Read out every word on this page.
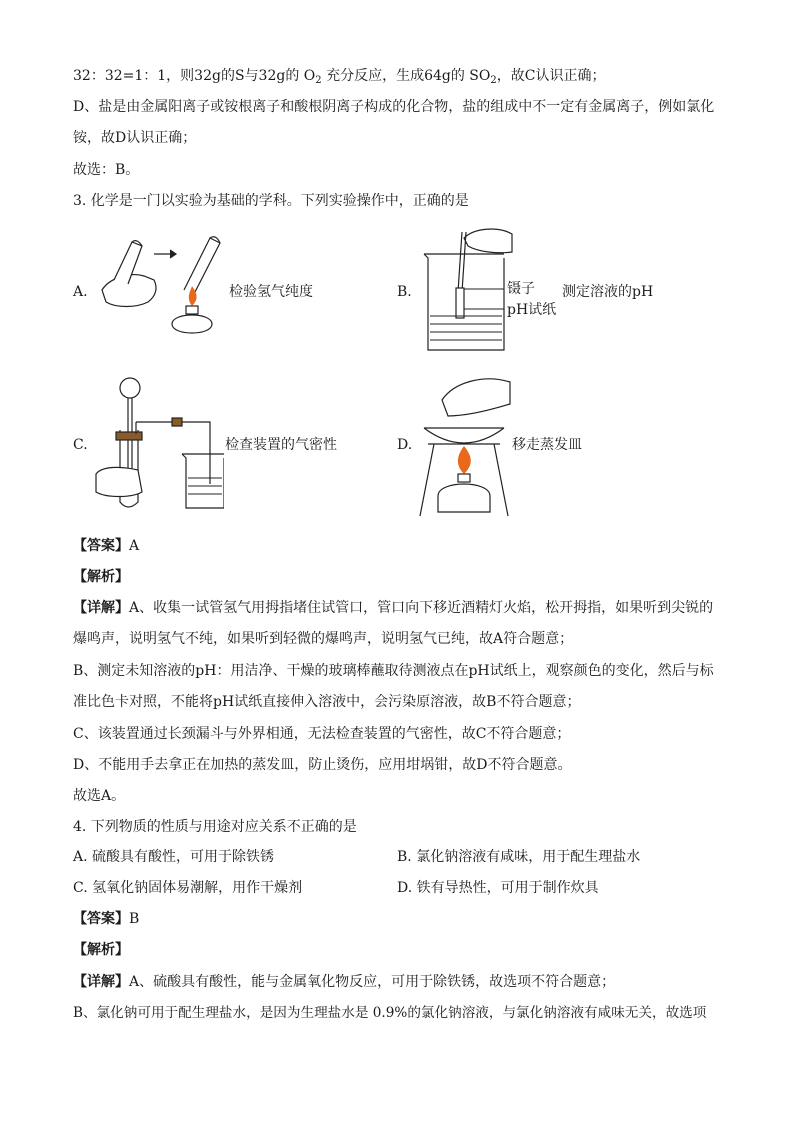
32：32=1：1，则32g的S与32g的 $O_2$ 充分反应，生成64g的 $SO_2$，故C认识正确；
D、盐是由金属阳离子或铵根离子和酸根阴离子构成的化合物，盐的组成中不一定有金属离子，例如氯化
铵，故D认识正确；
故选：B。
3. 化学是一门以实验为基础的学科。下列实验操作中，正确的是
A.	检验氢气纯度	B.	镊子
pH试纸
测定溶液的pH
C.	检查装置的气密性	D.	移走蒸发皿
【答案】A
【解析】
【详解】A、收集一试管氢气用拇指堵住试管口，管口向下移近酒精灯火焰，松开拇指，如果听到尖锐的
爆鸣声，说明氢气不纯，如果听到轻微的爆鸣声，说明氢气已纯，故A符合题意；
B、测定未知溶液的pH：用洁净、干燥的玻璃棒蘸取待测液点在pH试纸上，观察颜色的变化，然后与标
准比色卡对照，不能将pH试纸直接伸入溶液中，会污染原溶液，故B不符合题意；
C、该装置通过长颈漏斗与外界相通，无法检查装置的气密性，故C不符合题意；
D、不能用手去拿正在加热的蒸发皿，防止烫伤，应用坩埚钳，故D不符合题意。
故选A。
4. 下列物质的性质与用途对应关系不正确的是
A. 硫酸具有酸性，可用于除铁锈	B. 氯化钠溶液有咸味，用于配生理盐水
C. 氢氧化钠固体易潮解，用作干燥剂	D. 铁有导热性，可用于制作炊具
【答案】B
【解析】
【详解】A、硫酸具有酸性，能与金属氧化物反应，可用于除铁锈，故选项不符合题意；
B、氯化钠可用于配生理盐水，是因为生理盐水是 0.9%的氯化钠溶液，与氯化钠溶液有咸味无关，故选项
